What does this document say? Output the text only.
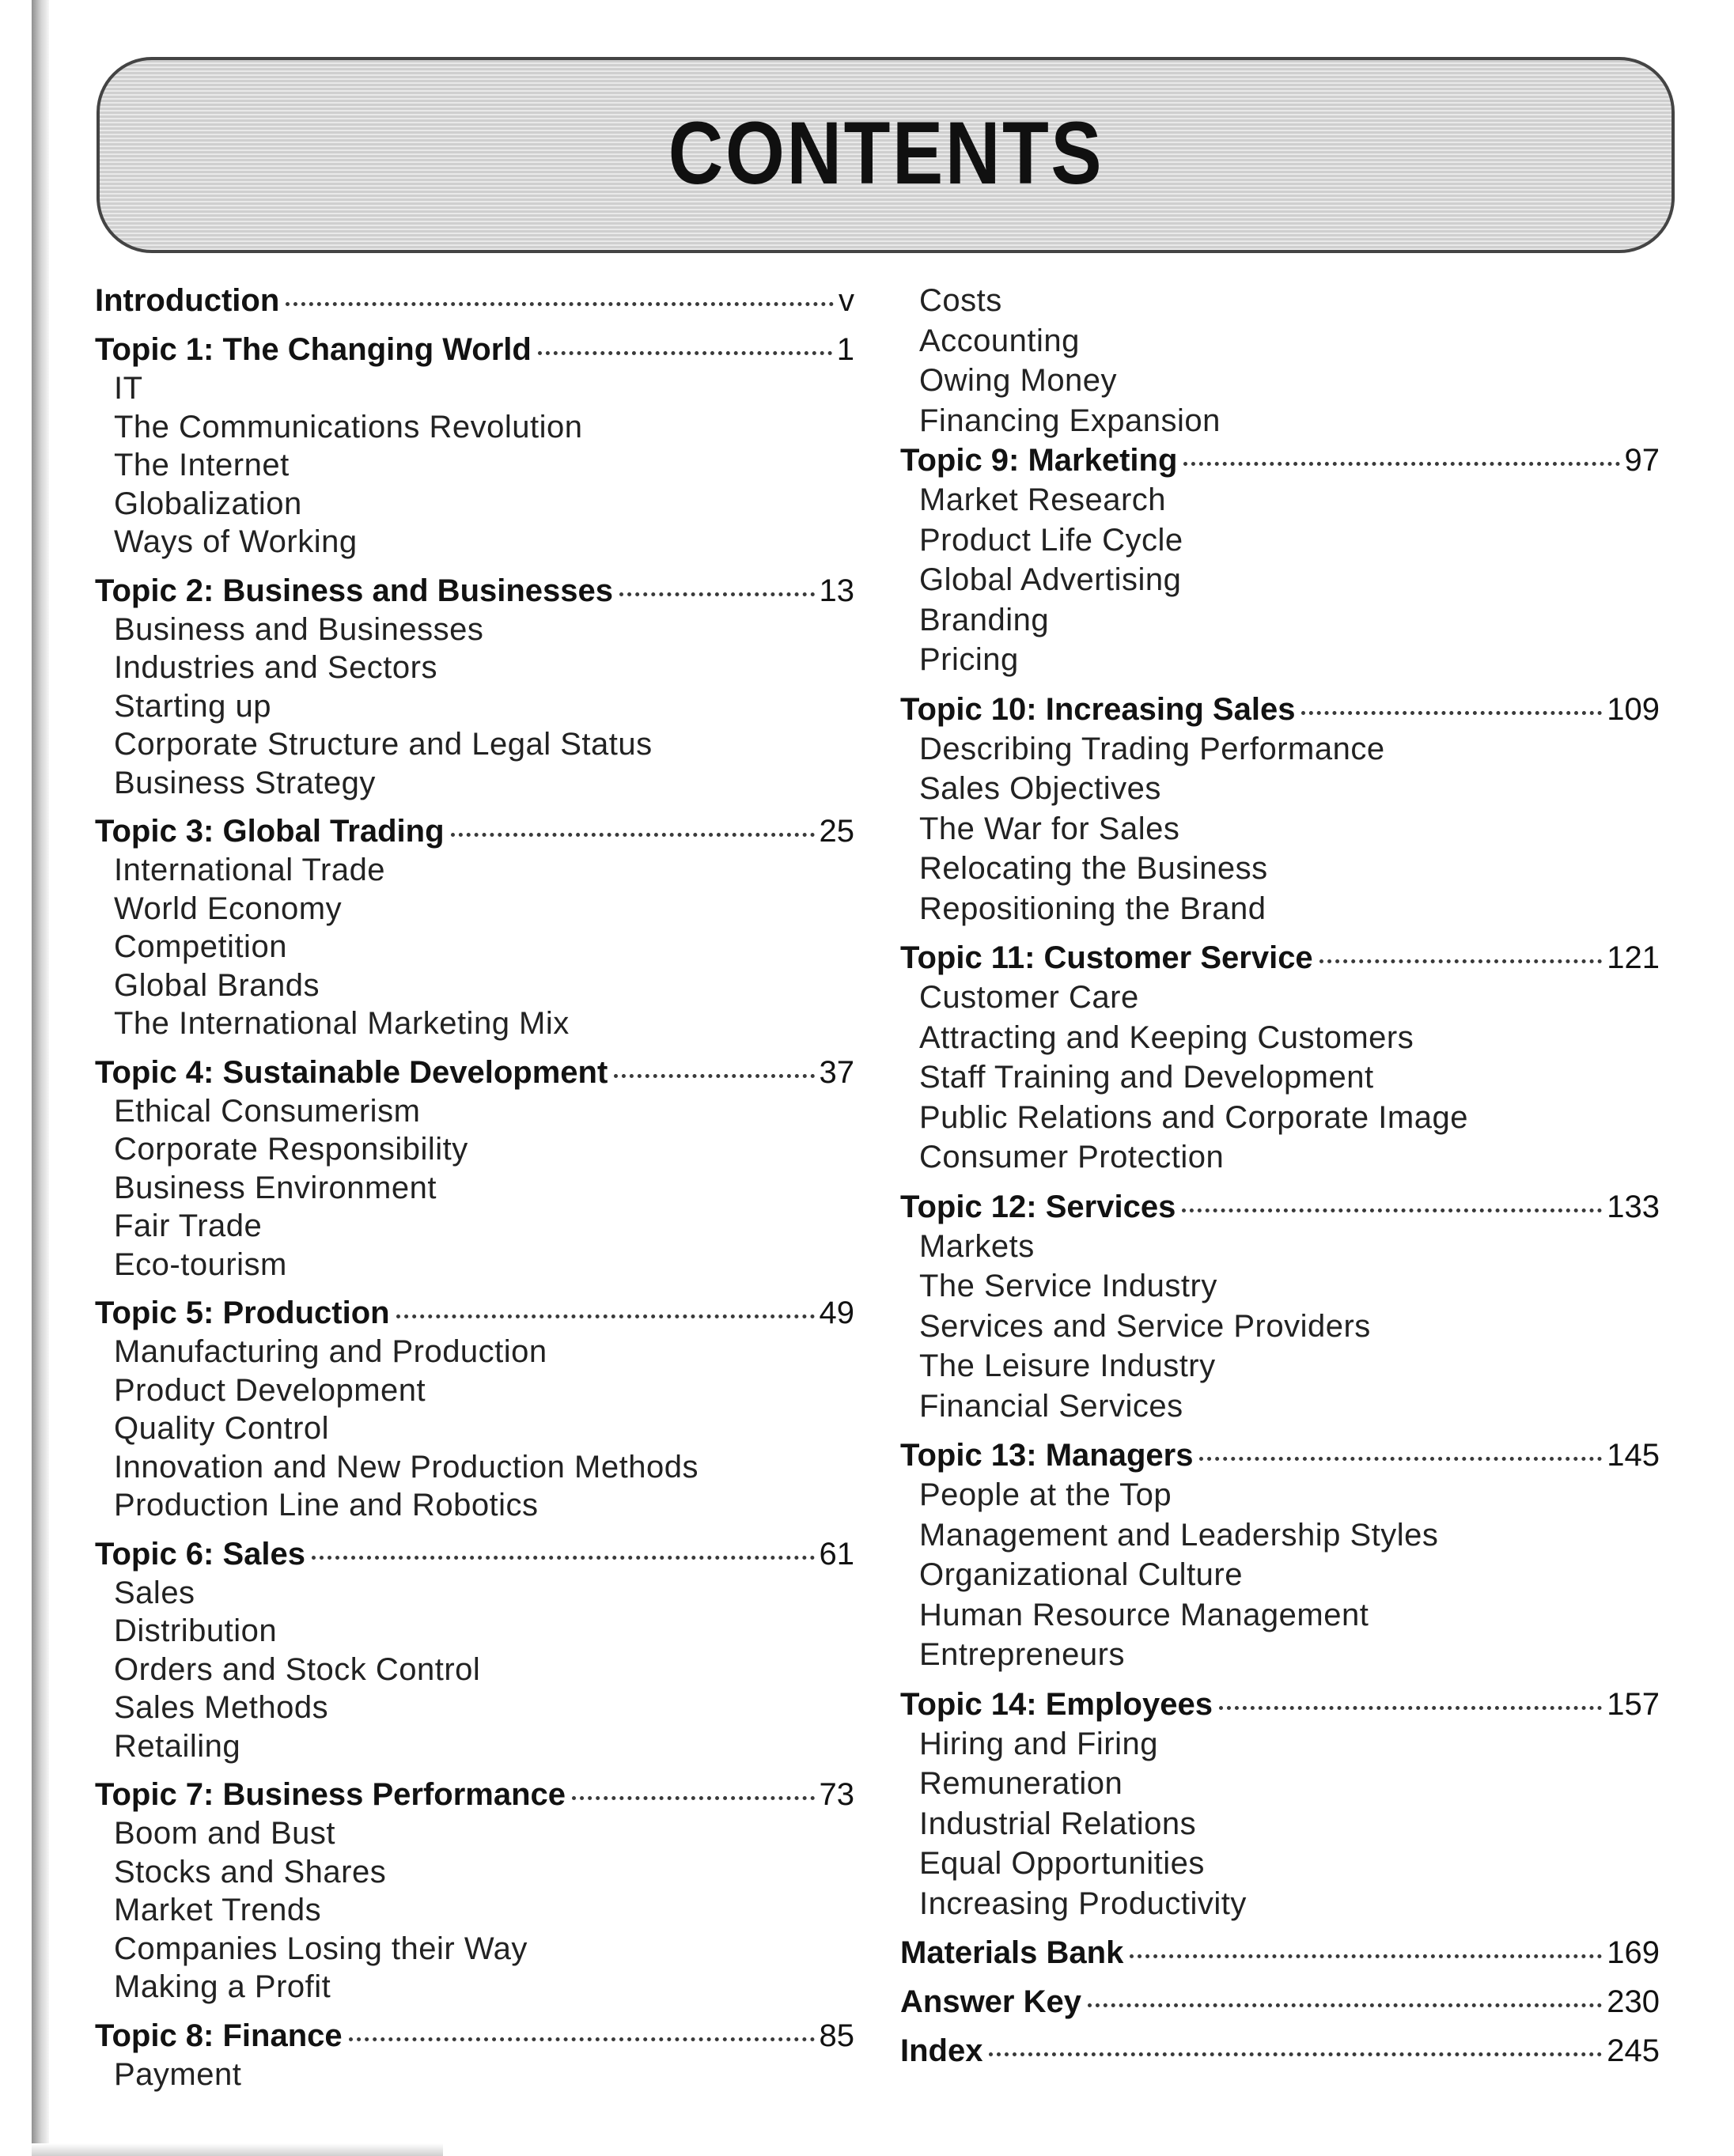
CONTENTS
Introduction	v
Topic 1: The Changing World	1
IT
The Communications Revolution
The Internet
Globalization
Ways of Working
Topic 2: Business and Businesses	13
Business and Businesses
Industries and Sectors
Starting up
Corporate Structure and Legal Status
Business Strategy
Topic 3: Global Trading	25
International Trade
World Economy
Competition
Global Brands
The International Marketing Mix
Topic 4: Sustainable Development	37
Ethical Consumerism
Corporate Responsibility
Business Environment
Fair Trade
Eco-tourism
Topic 5: Production	49
Manufacturing and Production
Product Development
Quality Control
Innovation and New Production Methods
Production Line and Robotics
Topic 6: Sales	61
Sales
Distribution
Orders and Stock Control
Sales Methods
Retailing
Topic 7: Business Performance	73
Boom and Bust
Stocks and Shares
Market Trends
Companies Losing their Way
Making a Profit
Topic 8: Finance	85
Payment
Costs
Accounting
Owing Money
Financing Expansion
Topic 9: Marketing	97
Market Research
Product Life Cycle
Global Advertising
Branding
Pricing
Topic 10: Increasing Sales	109
Describing Trading Performance
Sales Objectives
The War for Sales
Relocating the Business
Repositioning the Brand
Topic 11: Customer Service	121
Customer Care
Attracting and Keeping Customers
Staff Training and Development
Public Relations and Corporate Image
Consumer Protection
Topic 12: Services	133
Markets
The Service Industry
Services and Service Providers
The Leisure Industry
Financial Services
Topic 13: Managers	145
People at the Top
Management and Leadership Styles
Organizational Culture
Human Resource Management
Entrepreneurs
Topic 14: Employees	157
Hiring and Firing
Remuneration
Industrial Relations
Equal Opportunities
Increasing Productivity
Materials Bank	169
Answer Key	230
Index	245
